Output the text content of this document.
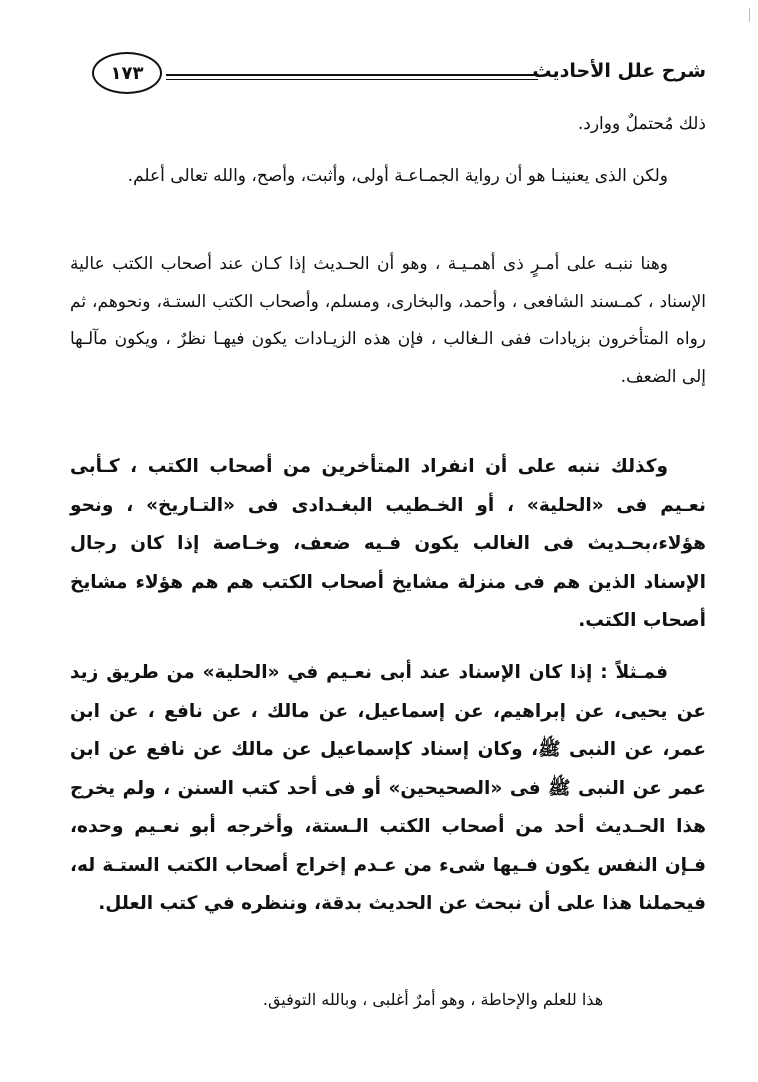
شرح علل الأحاديث
١٧٣

ذلك مُحتملٌ ووارد.

ولكن الذى يعنينـا هو أن رواية الجمـاعـة أولى، وأثبت، وأصح، والله تعالى أعلم.

وهنا ننبـه على أمـرٍ ذى أهمـيـة ، وهو أن الحـديث إذا كـان عند أصحاب الكتب عالية الإسناد ، كمـسند الشافعى ، وأحمد، والبخارى، ومسلم، وأصحاب الكتب الستـة، ونحوهم، ثم رواه المتأخرون بزيادات ففى الـغالب ، فإن هذه الزيـادات يكون فيهـا نظرٌ ، ويكون مآلـها إلى الضعف.

وكذلك ننبه على أن انفراد المتأخرين من أصحاب الكتب ، كـأبى نعـيم فى «الحلية» ، أو الخـطيب البغـدادى فى «التـاريخ» ، ونحو هؤلاء،بحـديث فى الغالب يكون فـيه ضعف، وخـاصة إذا كان رجال الإسناد الذين هم فى منزلة مشايخ أصحاب الكتب هم هم هؤلاء مشايخ أصحاب الكتب.

فمـثلاً : إذا كان الإسناد عند أبى نعـيم في «الحلية» من طريق زيد عن يحيى، عن إبراهيم، عن إسماعيل، عن مالك ، عن نافع ، عن ابن عمر، عن النبى ﷺ، وكان إسناد كإسماعيل عن مالك عن نافع عن ابن عمر عن النبى ﷺ فى «الصحيحين» أو فى أحد كتب السنن ، ولم يخرج هذا الحـديث أحد من أصحاب الكتب الـستة، وأخرجه أبو نعـيم وحده، فـإن النفس يكون فـيها شىء من عـدم إخراج أصحاب الكتب الستـة له، فيحملنا هذا على أن نبحث عن الحديث بدقة، وننظره في كتب العلل.

هذا للعلم والإحاطة ، وهو أمرٌ أغلبى ، وبالله التوفيق.
